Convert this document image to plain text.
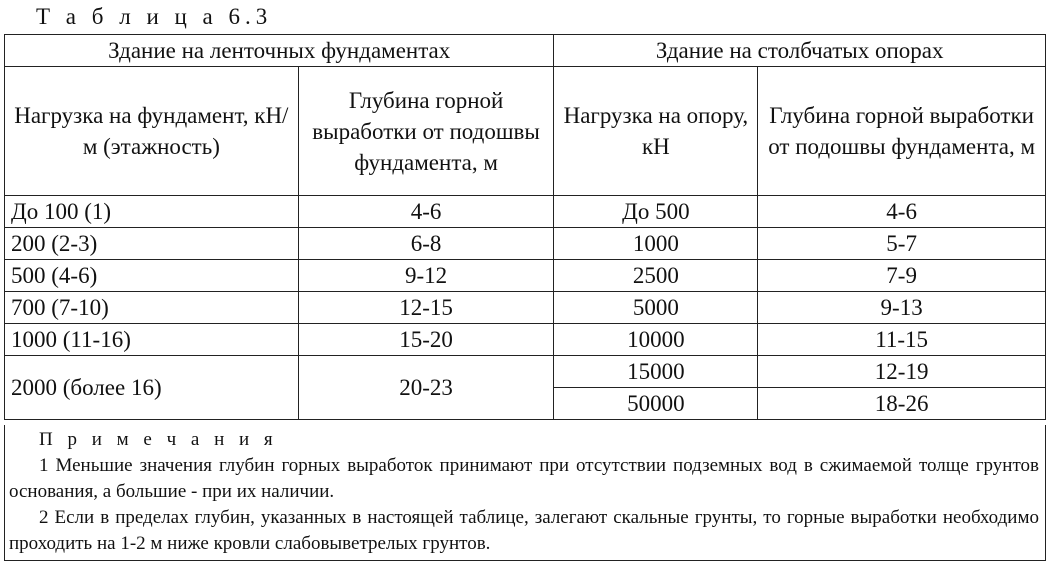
Т а б л и ц а 6.3
Здание на ленточных фундаментах		Здание на столбчатых опорах	
Нагрузка на фундамент, кН/м (этажность)	Глубина горной выработки от подошвы фундамента, м	Нагрузка на опору, кН	Глубина горной выработки от подошвы фундамента, м
До 100 (1)	4-6	До 500	4-6
200 (2-3)	6-8	1000	5-7
500 (4-6)	9-12	2500	7-9
700 (7-10)	12-15	5000	9-13
1000 (11-16)	15-20	10000	11-15
2000 (более 16)	20-23	15000	12-19
		50000	18-26
П р и м е ч а н и я

1 Меньшие значения глубин горных выработок принимают при отсутствии подземных вод в сжимаемой толще грунтов основания, а большие - при их наличии.

2 Если в пределах глубин, указанных в настоящей таблице, залегают скальные грунты, то горные выработки необходимо проходить на 1-2 м ниже кровли слабовыветрелых грунтов.
